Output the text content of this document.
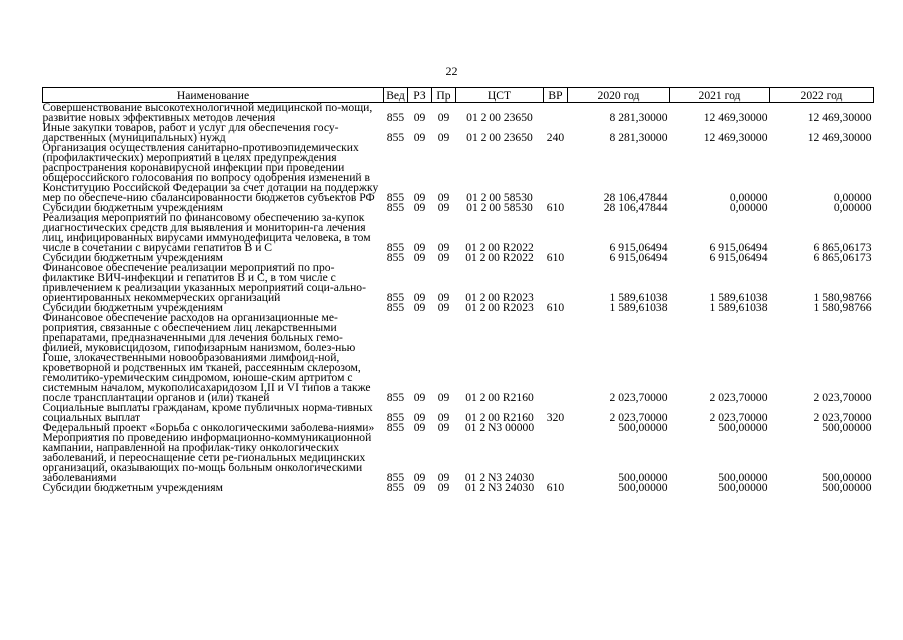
22
Наименование	Вед	РЗ	Пр	ЦСТ	ВР	2020 год	2021 год	2022 год
Совершенствование высокотехнологичной медицинской по-мощи, развитие новых эффективных методов лечения	855	09	09	01 2 00 23650		8 281,30000	12 469,30000	12 469,30000
Иные закупки товаров, работ и услуг для обеспечения госу-дарственных (муниципальных) нужд	855	09	09	01 2 00 23650	240	8 281,30000	12 469,30000	12 469,30000
Организация осуществления санитарно-противоэпидемических (профилактических) мероприятий в целях предупреждения распространения коронавирусной инфекции при проведении общероссийского голосования по вопросу одобрения изменений в Конституцию Российской Федерации за счет дотации на поддержку мер по обеспече-нию сбалансированности бюджетов субъектов РФ	855	09	09	01 2 00 58530		28 106,47844	0,00000	0,00000
Субсидии бюджетным учреждениям	855	09	09	01 2 00 58530	610	28 106,47844	0,00000	0,00000
Реализация мероприятий по финансовому обеспечению за-купок диагностических средств для выявления и мониторин-га лечения лиц, инфицированных вирусами иммунодефицита человека, в том числе в сочетании с вирусами гепатитов В и С	855	09	09	01 2 00 R2022		6 915,06494	6 915,06494	6 865,06173
Субсидии бюджетным учреждениям	855	09	09	01 2 00 R2022	610	6 915,06494	6 915,06494	6 865,06173
Финансовое обеспечение реализации мероприятий по про-филактике ВИЧ-инфекции и гепатитов В и С, в том числе с привлечением к реализации указанных мероприятий соци-ально-ориентированных некоммерческих организаций	855	09	09	01 2 00 R2023		1 589,61038	1 589,61038	1 580,98766
Субсидии бюджетным учреждениям	855	09	09	01 2 00 R2023	610	1 589,61038	1 589,61038	1 580,98766
Финансовое обеспечение расходов на организационные ме-роприятия, связанные с обеспечением лиц лекарственными препаратами, предназначенными для лечения больных гемо-филией, муковисцидозом, гипофизарным нанизмом, болез-нью Гоше, злокачественными новообразованиями лимфоид-ной, кроветворной и родственных им тканей, рассеянным склерозом, гемолитико-уремическим синдромом, юноше-ским артритом с системным началом, мукополисахаридозом I,II и VI типов а также после трансплантации органов и (или) тканей	855	09	09	01 2 00 R2160		2 023,70000	2 023,70000	2 023,70000
Социальные выплаты гражданам, кроме публичных норма-тивных социальных выплат	855	09	09	01 2 00 R2160	320	2 023,70000	2 023,70000	2 023,70000
Федеральный проект «Борьба с онкологическими заболева-ниями»	855	09	09	01 2 N3 00000		500,00000	500,00000	500,00000
Мероприятия по проведению информационно-коммуникационной кампании, направленной на профилак-тику онкологических заболеваний, и переоснащение сети ре-гиональных медицинских организаций, оказывающих по-мощь больным онкологическими заболеваниями	855	09	09	01 2 N3 24030		500,00000	500,00000	500,00000
Субсидии бюджетным учреждениям	855	09	09	01 2 N3 24030	610	500,00000	500,00000	500,00000
